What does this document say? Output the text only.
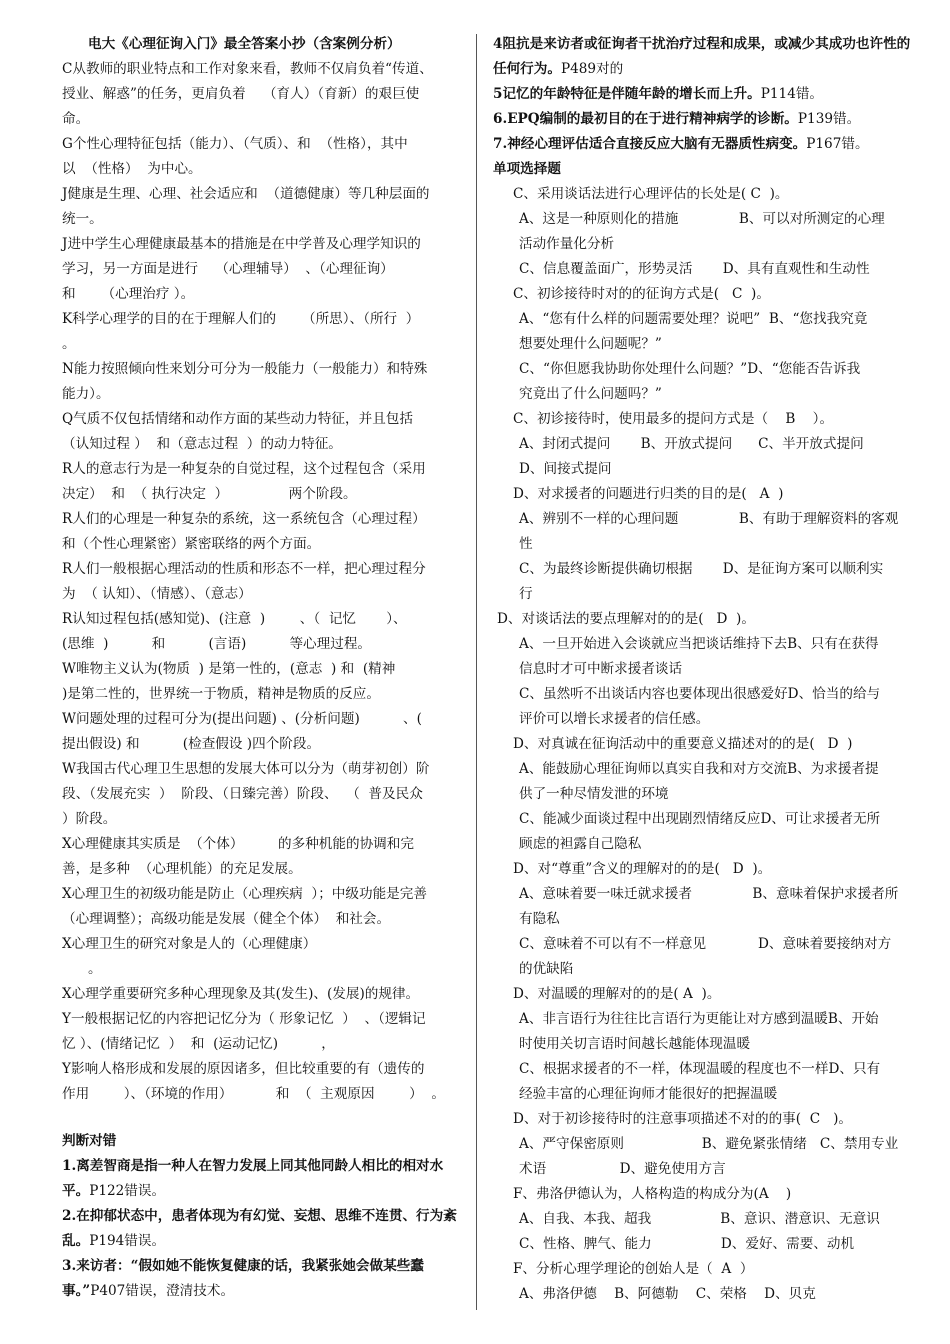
电大《心理征询入门》最全答案小抄（含案例分析）
C从教师的职业特点和工作对象来看，教师不仅肩负着“传道、
授业、解惑”的任务，更肩负着    （育人）（育新）的艰巨使
命。
G个性心理特征包括（能力）、（气质）、和  （性格），其中
以  （性格）  为中心。
J健康是生理、心理、社会适应和  （道德健康）等几种层面的
统一。
J进中学生心理健康最基本的措施是在中学普及心理学知识的
学习，另一方面是进行    （心理辅导）  、（心理征询）
和      （心理治疗 ）。
K科学心理学的目的在于理解人们的      （所思）、（所行  ）
。
N能力按照倾向性来划分可分为一般能力（一般能力）和特殊
能力）。
Q气质不仅包括情绪和动作方面的某些动力特征，并且包括
（认知过程 ）  和（意志过程  ）的动力特征。
R人的意志行为是一种复杂的自觉过程，这个过程包含（采用
决定）  和  （ 执行决定  ）              两个阶段。
R人们的心理是一种复杂的系统，这一系统包含（心理过程）
和（个性心理紧密）紧密联络的两个方面。
R人们一般根据心理活动的性质和形态不一样，把心理过程分
为  （ 认知）、（情感）、（意志）
R认知过程包括(感知觉)、(注意  )        、（  记忆       ）、
(思维  )          和          (言语)          等心理过程。
W唯物主义认为(物质  ) 是第一性的，(意志  ) 和  (精神
)是第二性的，世界统一于物质，精神是物质的反应。
W问题处理的过程可分为(提出问题) 、(分析问题)          、(
提出假设) 和          (检查假设 )四个阶段。
W我国古代心理卫生思想的发展大体可以分为（萌芽初创）阶
段、（发展充实  ）  阶段、（日臻完善）阶段、  （  普及民众
）阶段。
X心理健康其实质是  （个体）        的多种机能的协调和完
善，是多种  （心理机能）的充足发展。
X心理卫生的初级功能是防止（心理疾病  ）；中级功能是完善
（心理调整）；高级功能是发展（健全个体）  和社会。
X心理卫生的研究对象是人的（心理健康）
。
X心理学重要研究多种心理现象及其(发生)、(发展)的规律。
Y一般根据记忆的内容把记忆分为（ 形象记忆  ）  、（逻辑记
忆 ）、(情绪记忆  ）  和  (运动记忆)          ，
Y影响人格形成和发展的原因诸多，但比较重要的有（遗传的
作用        ）、（环境的作用）          和  （  主观原因        ）  。
判断对错
1.离差智商是指一种人在智力发展上同其他同龄人相比的相对水平。P122错误。
2.在抑郁状态中，患者体现为有幻觉、妄想、思维不连贯、行为紊乱。P194错误。
3.来访者：“假如她不能恢复健康的话，我紧张她会做某些蠢事。”P407错误，澄清技术。
4阻抗是来访者或征询者干扰治疗过程和成果，或减少其成功也许性的任何行为。P489对的
5记忆的年龄特征是伴随年龄的增长而上升。P114错。
6.EPQ编制的最初目的在于进行精神病学的诊断。P139错。
7.神经心理评估适合直接反应大脑有无器质性病变。P167错。
单项选择题
C、采用谈话法进行心理评估的长处是( C  )。
A、这是一种原则化的措施              B、可以对所测定的心理
活动作量化分析
C、信息覆盖面广，形势灵活       D、具有直观性和生动性
C、初诊接待时对的的征询方式是(   C  )。
A、“您有什么样的问题需要处理？说吧”  B、“您找我究竟
想要处理什么问题呢？”
C、“你但愿我协助你处理什么问题？”D、“您能否告诉我
究竟出了什么问题吗？”
C、初诊接待时，使用最多的提问方式是（    B    ）。
A、封闭式提问       B、开放式提问      C、半开放式提问
D、间接式提问
D、对求援者的问题进行归类的目的是(   A  )
A、辨别不一样的心理问题              B、有助于理解资料的客观
性
C、为最终诊断提供确切根据       D、是征询方案可以顺利实
行
D、对谈话法的要点理解对的的是(   D  )。
A、一旦开始进入会谈就应当把谈话维持下去B、只有在获得
信息时才可中断求援者谈话
C、虽然听不出谈话内容也要体现出很感爱好D、恰当的给与
评价可以增长求援者的信任感。
D、对真诚在征询活动中的重要意义描述对的的是(   D  )
A、能鼓励心理征询师以真实自我和对方交流B、为求援者提
供了一种尽情发泄的环境
C、能减少面谈过程中出现剧烈情绪反应D、可让求援者无所
顾虑的袒露自己隐私
D、对“尊重”含义的理解对的的是(   D  )。
A、意味着要一味迁就求援者              B、意味着保护求援者所
有隐私
C、意味着不可以有不一样意见            D、意味着要接纳对方
的优缺陷
D、对温暖的理解对的的是( A  )。
A、非言语行为往往比言语行为更能让对方感到温暖B、开始
时使用关切言语时间越长越能体现温暖
C、根据求援者的不一样，体现温暖的程度也不一样D、只有
经验丰富的心理征询师才能很好的把握温暖
D、对于初诊接待时的注意事项描述不对的的事(  C   )。
A、严守保密原则                  B、避免紧张情绪   C、禁用专业
术语                 D、避免使用方言
F、弗洛伊德认为，人格构造的构成分为(A    )
A、自我、本我、超我                B、意识、潜意识、无意识
C、性格、脾气、能力                D、爱好、需要、动机
F、分析心理学理论的创始人是（  A  ）
A、弗洛伊德    B、阿德勒    C、荣格    D、贝克
